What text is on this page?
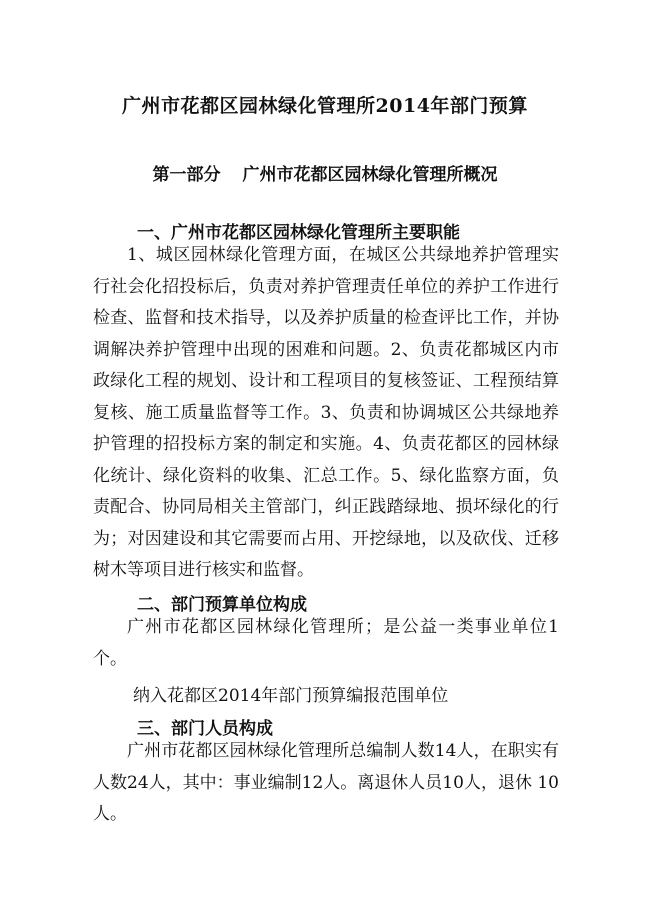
广州市花都区园林绿化管理所2014年部门预算
第一部分 广州市花都区园林绿化管理所概况
一、广州市花都区园林绿化管理所主要职能

1、城区园林绿化管理方面，在城区公共绿地养护管理实行社会化招投标后，负责对养护管理责任单位的养护工作进行检查、监督和技术指导，以及养护质量的检查评比工作，并协调解决养护管理中出现的困难和问题。2、负责花都城区内市政绿化工程的规划、设计和工程项目的复核签证、工程预结算复核、施工质量监督等工作。3、负责和协调城区公共绿地养护管理的招投标方案的制定和实施。4、负责花都区的园林绿化统计、绿化资料的收集、汇总工作。5、绿化监察方面，负责配合、协同局相关主管部门，纠正践踏绿地、损坏绿化的行为；对因建设和其它需要而占用、开挖绿地，以及砍伐、迁移树木等项目进行核实和监督。

二、部门预算单位构成

广州市花都区园林绿化管理所；是公益一类事业单位1个。

纳入花都区2014年部门预算编报范围单位
三、部门人员构成

广州市花都区园林绿化管理所总编制人数14人，在职实有人数24人，其中：事业编制12人。离退休人员10人，退休 10人。
